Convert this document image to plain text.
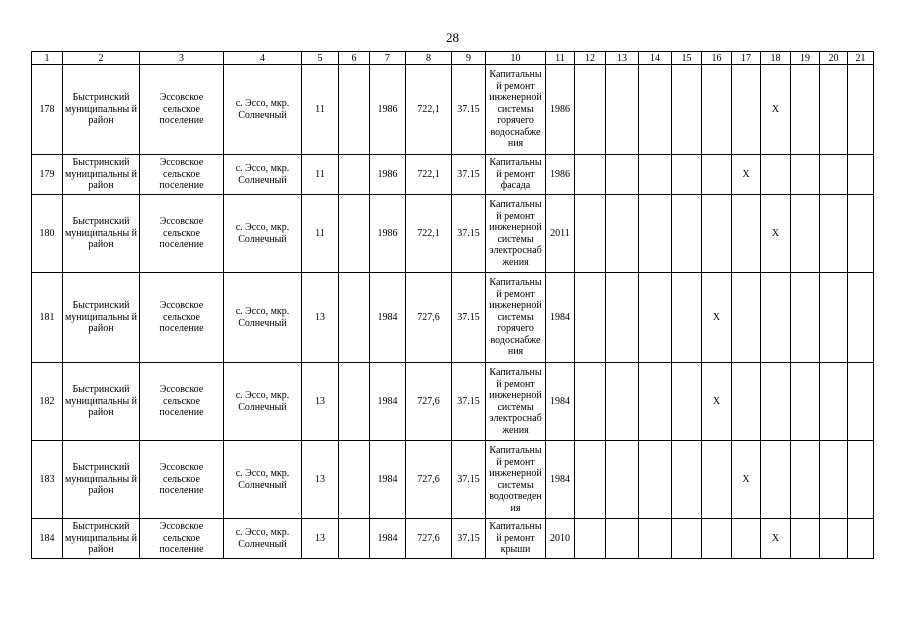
28
1	2	3	4	5	6	7	8	9	10	11	12	13	14	15	16	17	18	19	20	21
178	Быстринский муниципальны й район	Эссовское сельское поселение	с. Эссо, мкр. Солнечный	11		1986	722,1	37.15	Капитальны й ремонт инженерной системы горячего водоснабже ния	1986							X			
179	Быстринский муниципальны й район	Эссовское сельское поселение	с. Эссо, мкр. Солнечный	11		1986	722,1	37.15	Капитальны й ремонт фасада	1986						X				
180	Быстринский муниципальны й район	Эссовское сельское поселение	с. Эссо, мкр. Солнечный	11		1986	722,1	37.15	Капитальны й ремонт инженерной системы электроснаб жения	2011							X			
181	Быстринский муниципальны й район	Эссовское сельское поселение	с. Эссо, мкр. Солнечный	13		1984	727,6	37.15	Капитальны й ремонт инженерной системы горячего водоснабже ния	1984					X					
182	Быстринский муниципальны й район	Эссовское сельское поселение	с. Эссо, мкр. Солнечный	13		1984	727,6	37.15	Капитальны й ремонт инженерной системы электроснаб жения	1984					X					
183	Быстринский муниципальны й район	Эссовское сельское поселение	с. Эссо, мкр. Солнечный	13		1984	727,6	37.15	Капитальны й ремонт инженерной системы водоотведен ия	1984						X				
184	Быстринский муниципальны й район	Эссовское сельское поселение	с. Эссо, мкр. Солнечный	13		1984	727,6	37.15	Капитальны й ремонт крыши	2010							X			
